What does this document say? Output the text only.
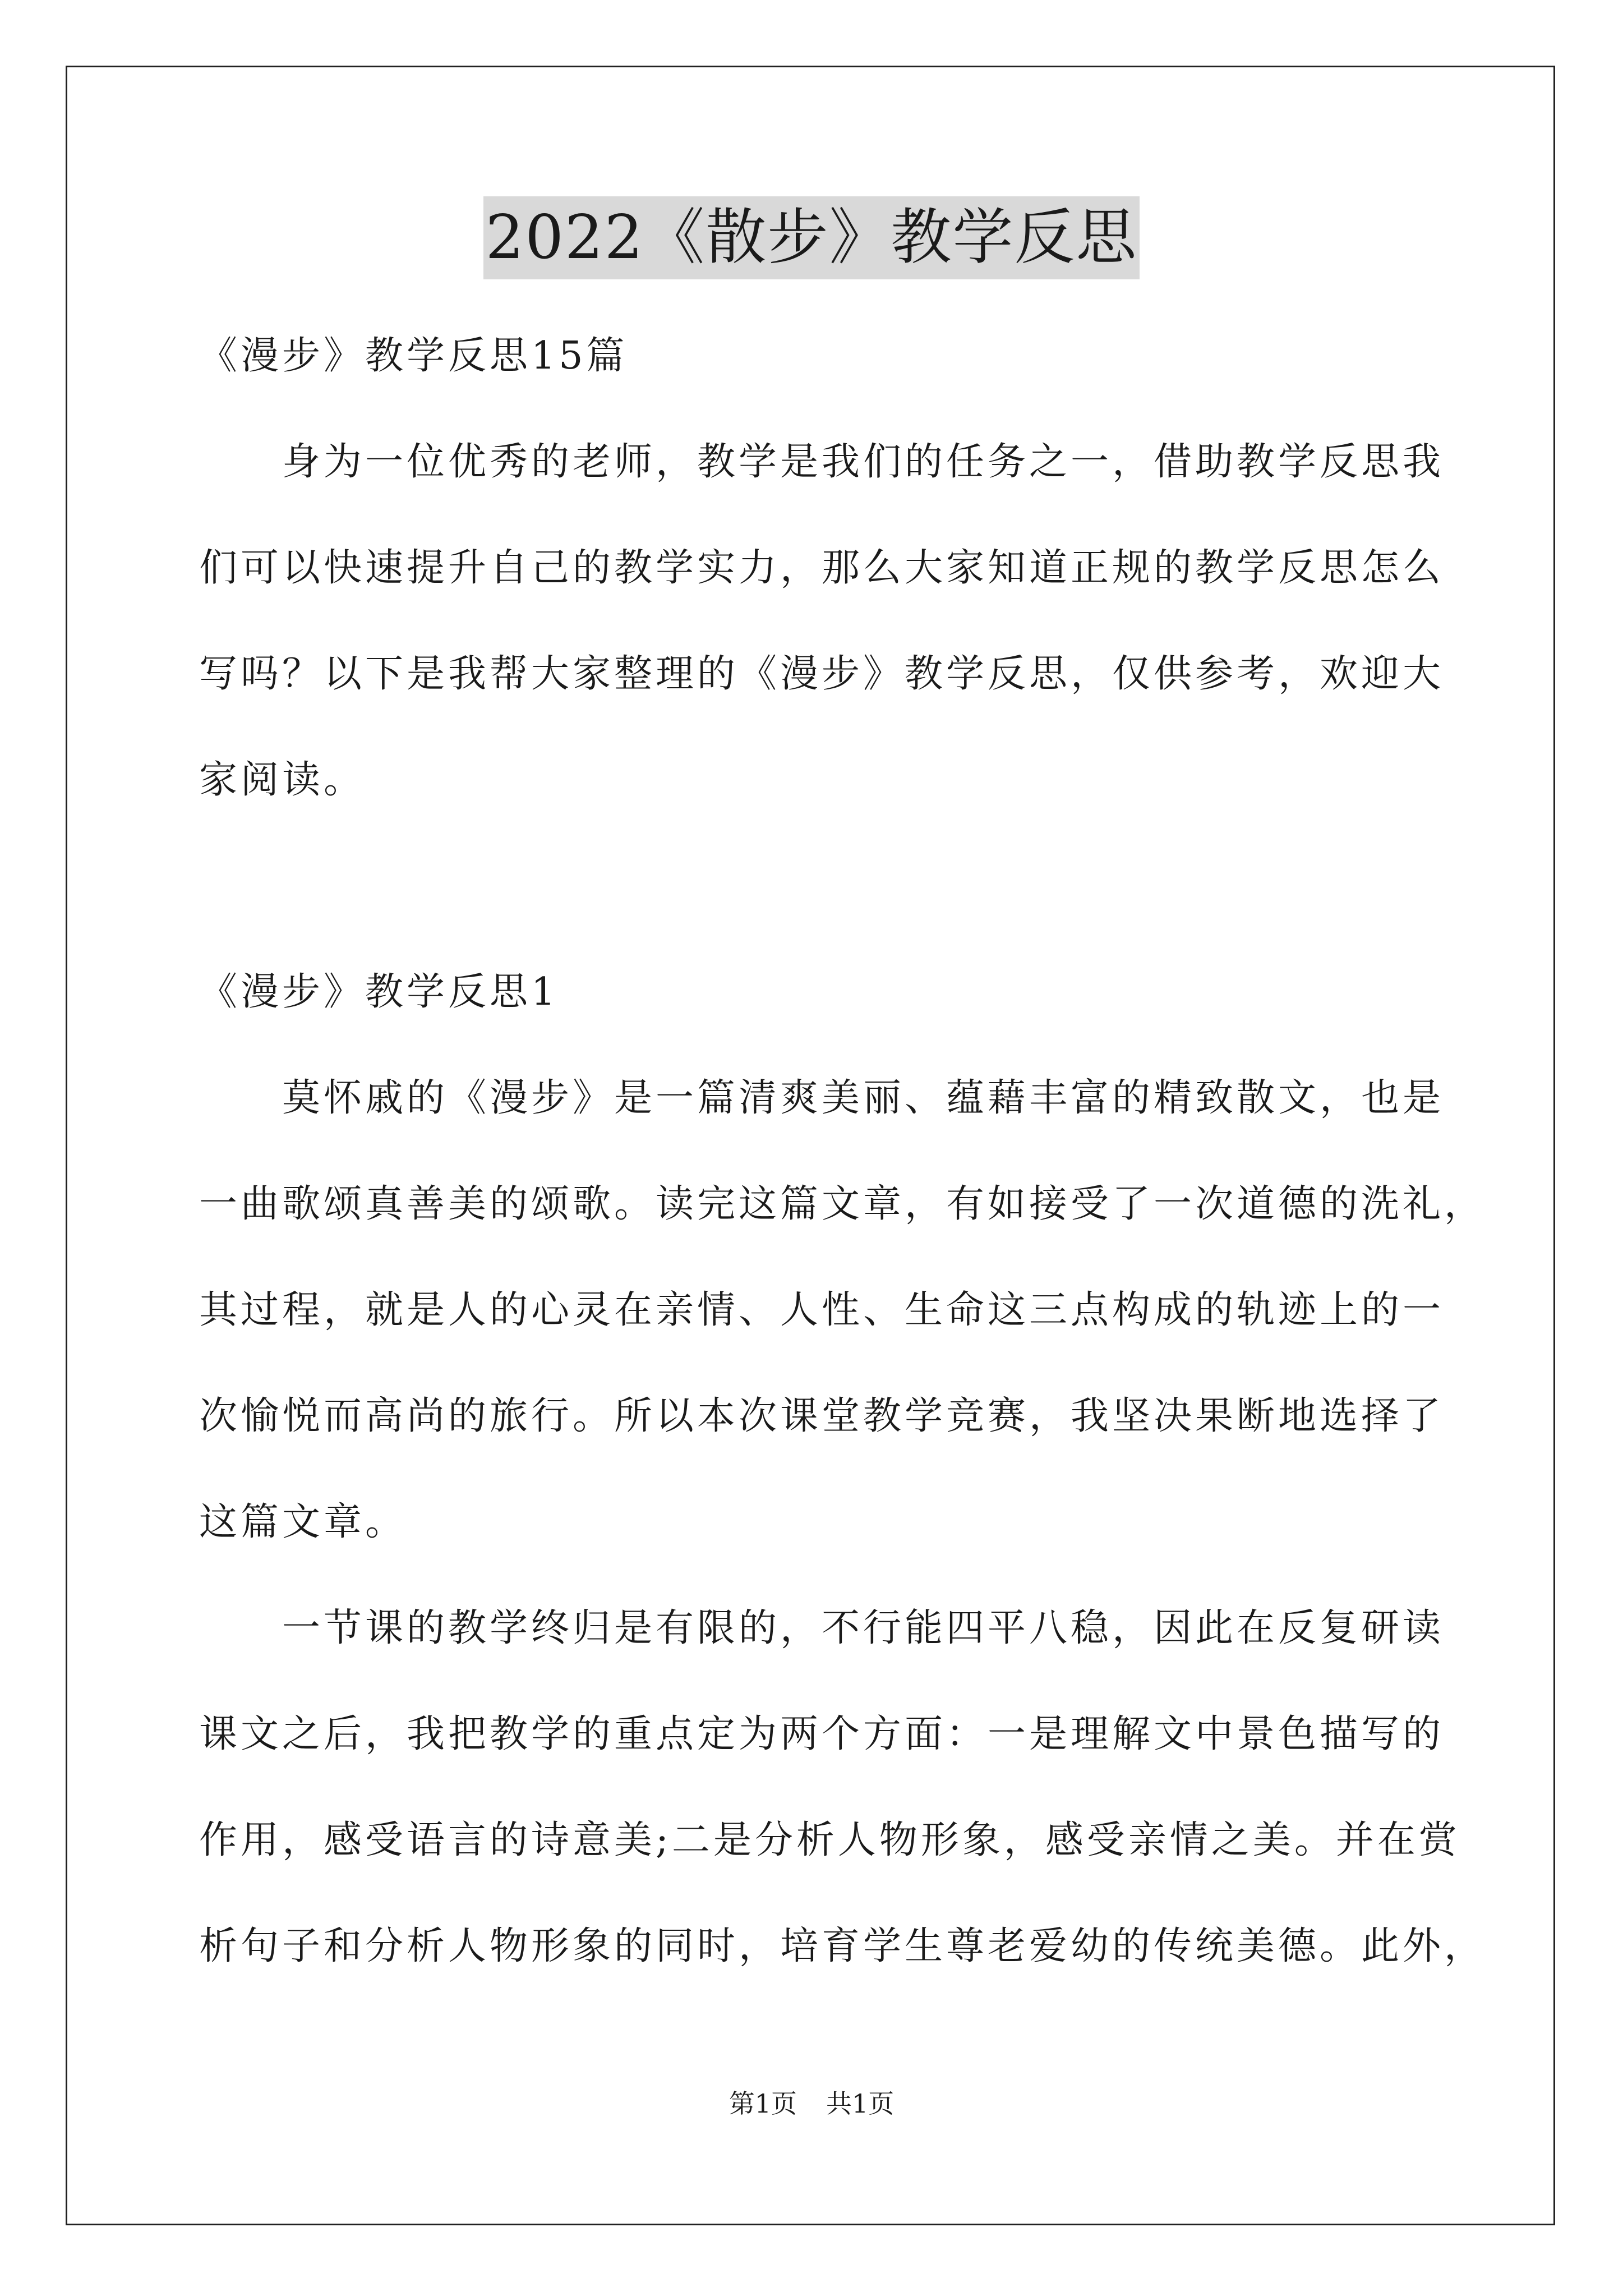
2022《散步》教学反思
《漫步》教学反思15篇
身为一位优秀的老师，教学是我们的任务之一，借助教学反思我
们可以快速提升自己的教学实力，那么大家知道正规的教学反思怎么
写吗？以下是我帮大家整理的《漫步》教学反思，仅供参考，欢迎大
家阅读。
《漫步》教学反思1
莫怀戚的《漫步》是一篇清爽美丽、蕴藉丰富的精致散文，也是
一曲歌颂真善美的颂歌。读完这篇文章，有如接受了一次道德的洗礼，
其过程，就是人的心灵在亲情、人性、生命这三点构成的轨迹上的一
次愉悦而高尚的旅行。所以本次课堂教学竞赛，我坚决果断地选择了
这篇文章。
一节课的教学终归是有限的，不行能四平八稳，因此在反复研读
课文之后，我把教学的重点定为两个方面：一是理解文中景色描写的
作用，感受语言的诗意美;二是分析人物形象，感受亲情之美。并在赏
析句子和分析人物形象的同时，培育学生尊老爱幼的传统美德。此外，
第1页 共1页
